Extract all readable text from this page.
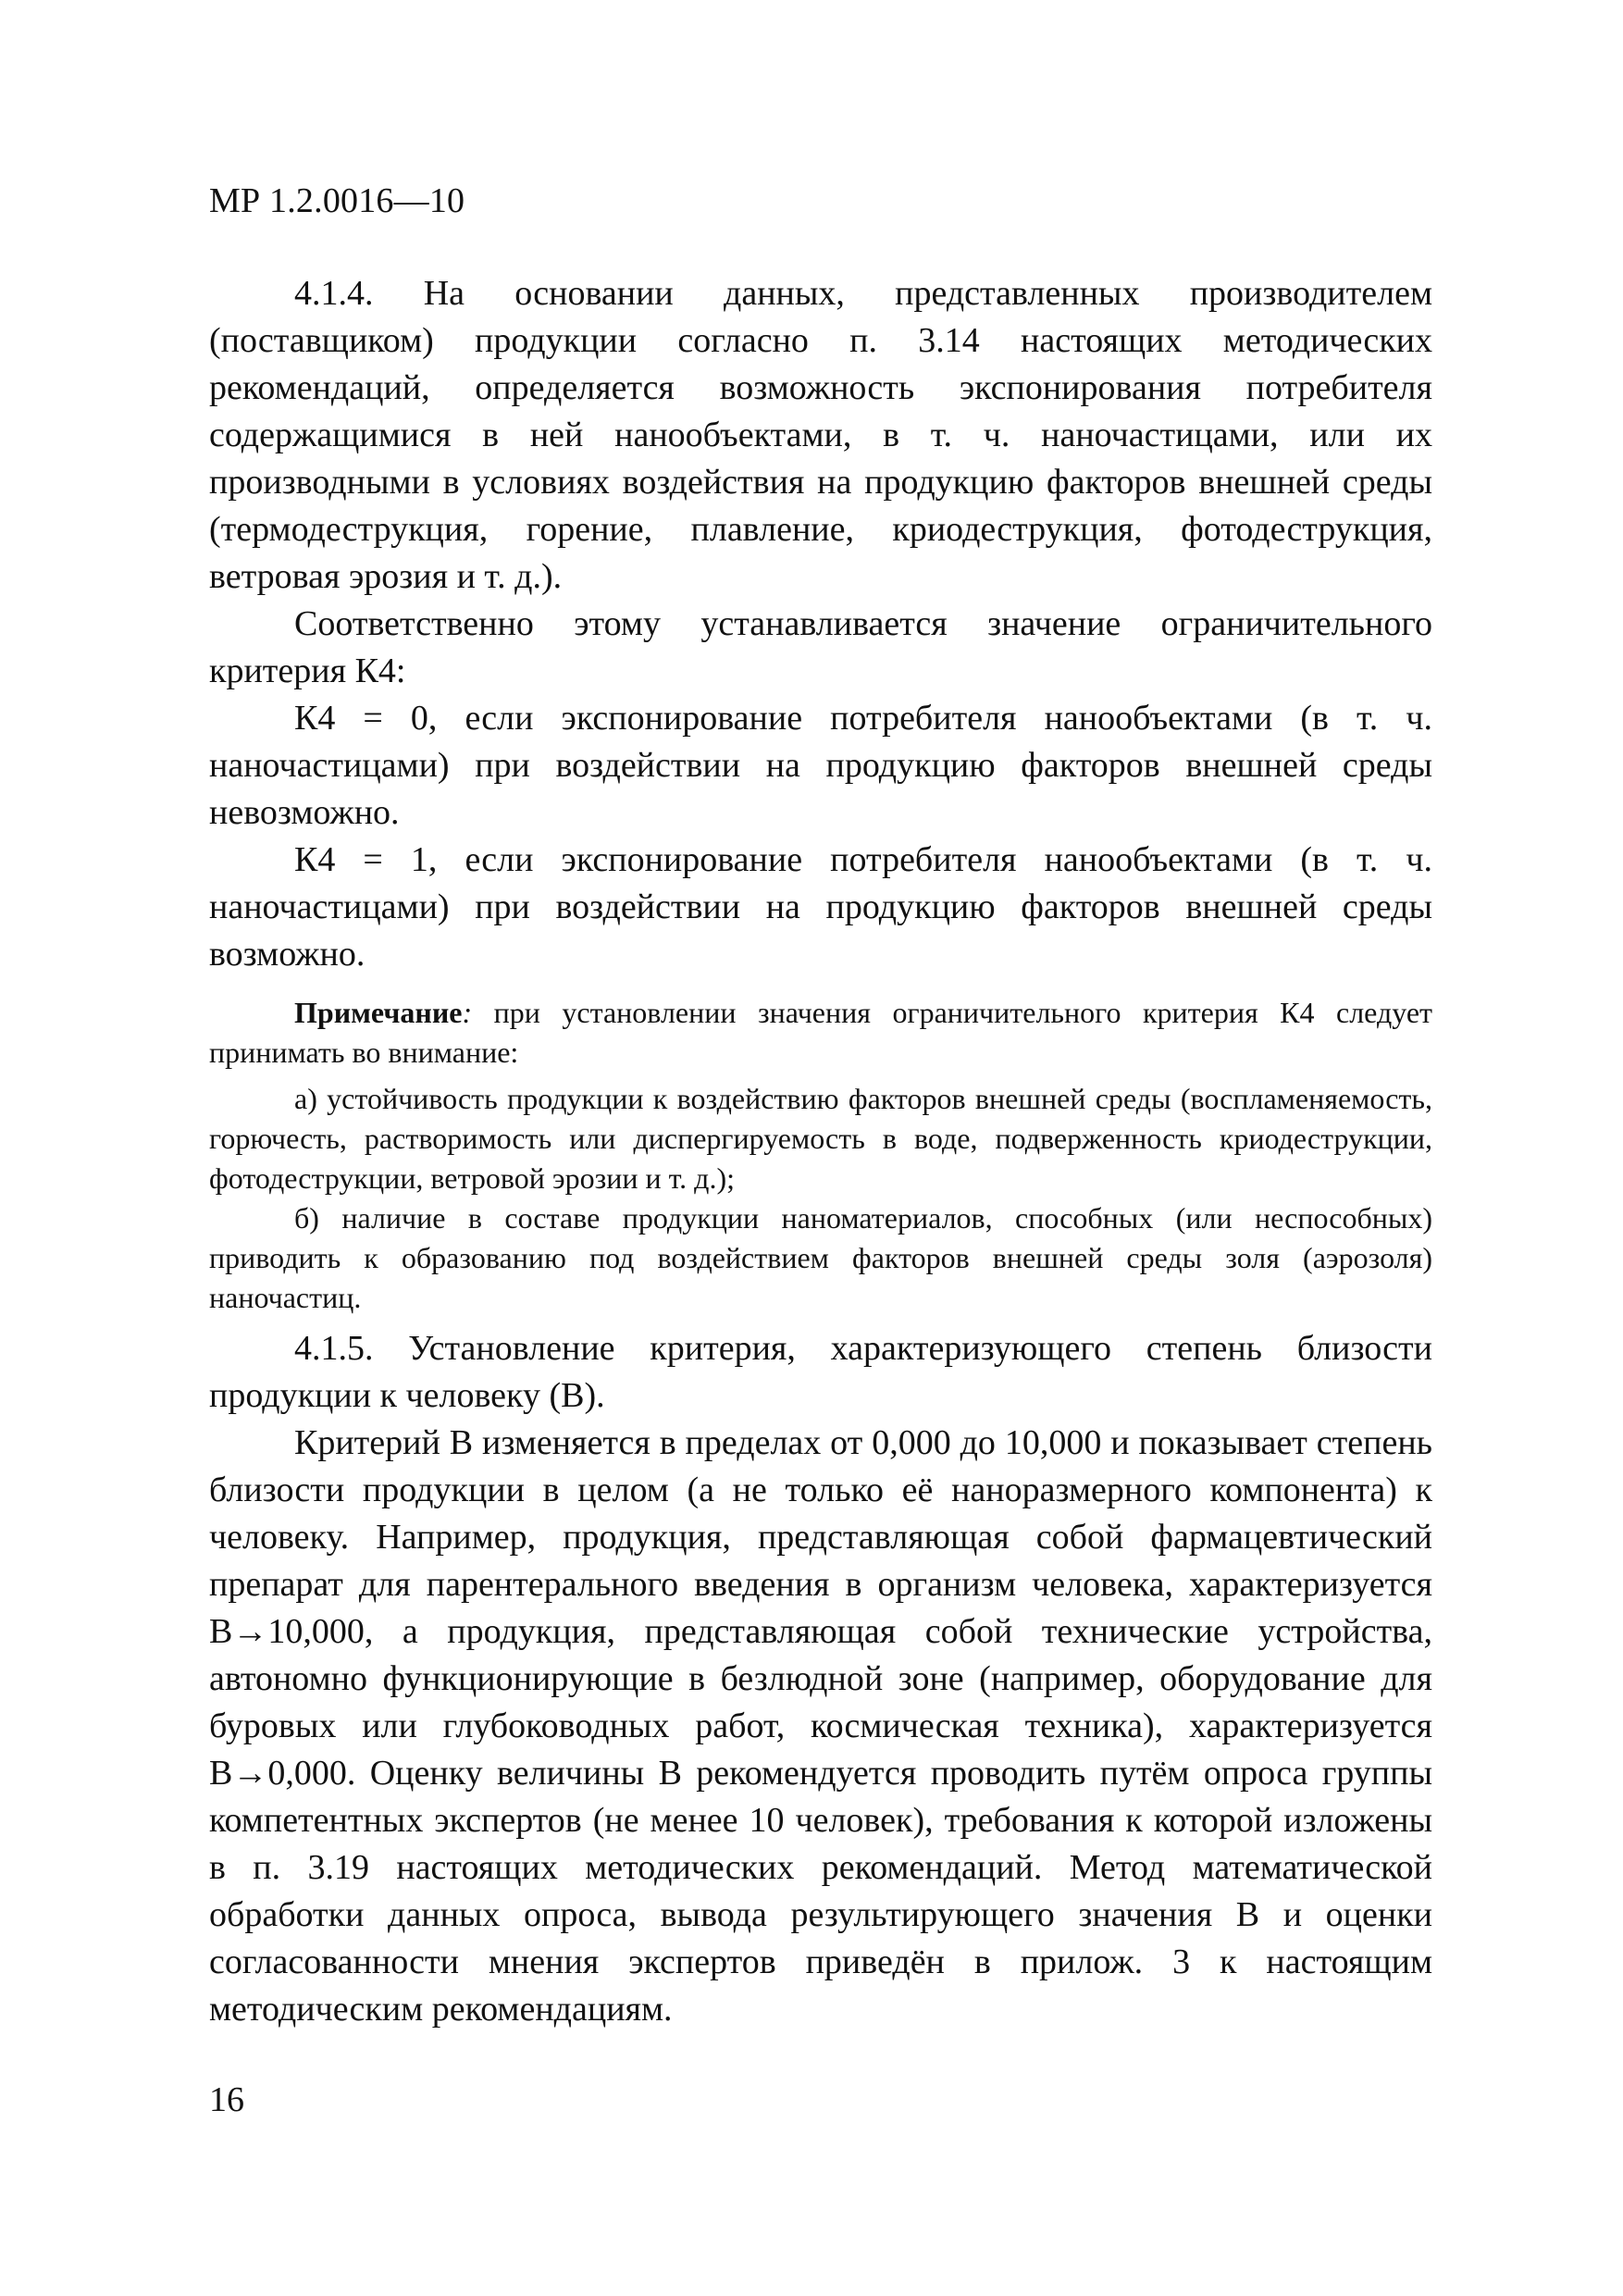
МР 1.2.0016—10

4.1.4. На основании данных, представленных производителем (поставщиком) продукции согласно п. 3.14 настоящих методических рекомендаций, определяется возможность экспонирования потребителя содержащимися в ней нанообъектами, в т. ч. наночастицами, или их производными в условиях воздействия на продукцию факторов внешней среды (термодеструкция, горение, плавление, криодеструкция, фотодеструкция, ветровая эрозия и т. д.).

Соответственно этому устанавливается значение ограничительного критерия К4:

К4 = 0, если экспонирование потребителя нанообъектами (в т. ч. наночастицами) при воздействии на продукцию факторов внешней среды невозможно.

К4 = 1, если экспонирование потребителя нанообъектами (в т. ч. наночастицами) при воздействии на продукцию факторов внешней среды возможно.

Примечание: при установлении значения ограничительного критерия К4 следует принимать во внимание:

а) устойчивость продукции к воздействию факторов внешней среды (воспламеняемость, горючесть, растворимость или диспергируемость в воде, подверженность криодеструкции, фотодеструкции, ветровой эрозии и т. д.);

б) наличие в составе продукции наноматериалов, способных (или неспособных) приводить к образованию под воздействием факторов внешней среды золя (аэрозоля) наночастиц.

4.1.5. Установление критерия, характеризующего степень близости продукции к человеку (В).

Критерий В изменяется в пределах от 0,000 до 10,000 и показывает степень близости продукции в целом (а не только её наноразмерного компонента) к человеку. Например, продукция, представляющая собой фармацевтический препарат для парентерального введения в организм человека, характеризуется В→10,000, а продукция, представляющая собой технические устройства, автономно функционирующие в безлюдной зоне (например, оборудование для буровых или глубоководных работ, космическая техника), характеризуется В→0,000. Оценку величины В рекомендуется проводить путём опроса группы компетентных экспертов (не менее 10 человек), требования к которой изложены в п. 3.19 настоящих методических рекомендаций. Метод математической обработки данных опроса, вывода результирующего значения В и оценки согласованности мнения экспертов приведён в прилож. 3 к настоящим методическим рекомендациям.

16
